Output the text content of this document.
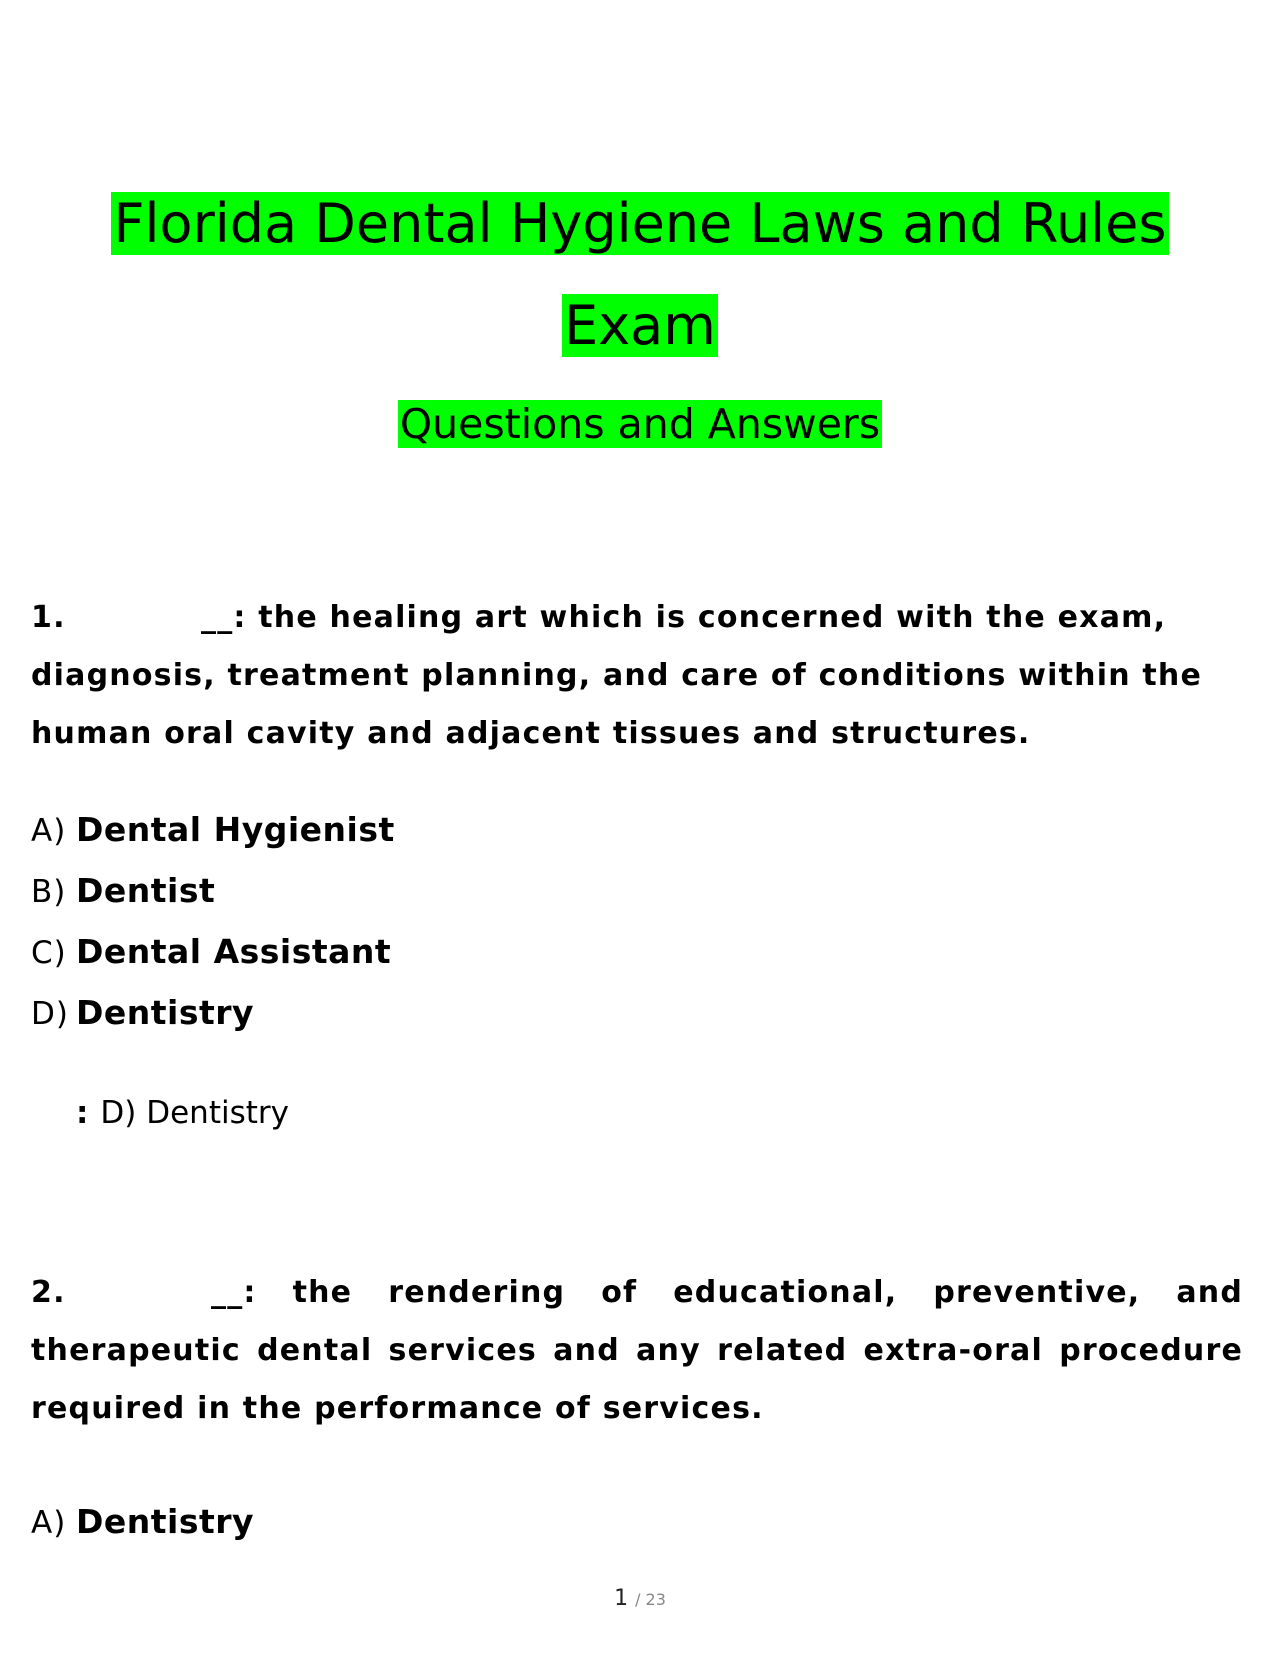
Florida Dental Hygiene Laws and Rules
Exam
Questions and Answers
1.	__: the healing art which is concerned with the exam, diagnosis, treatment planning, and care of conditions within the human oral cavity and adjacent tissues and structures.
A) Dental Hygienist
B) Dentist
C) Dental Assistant
D) Dentistry
: D) Dentistry
2.	__: the rendering of educational, preventive, and therapeutic dental services and any related extra-oral procedure required in the performance of services.
A) Dentistry
1 / 23
